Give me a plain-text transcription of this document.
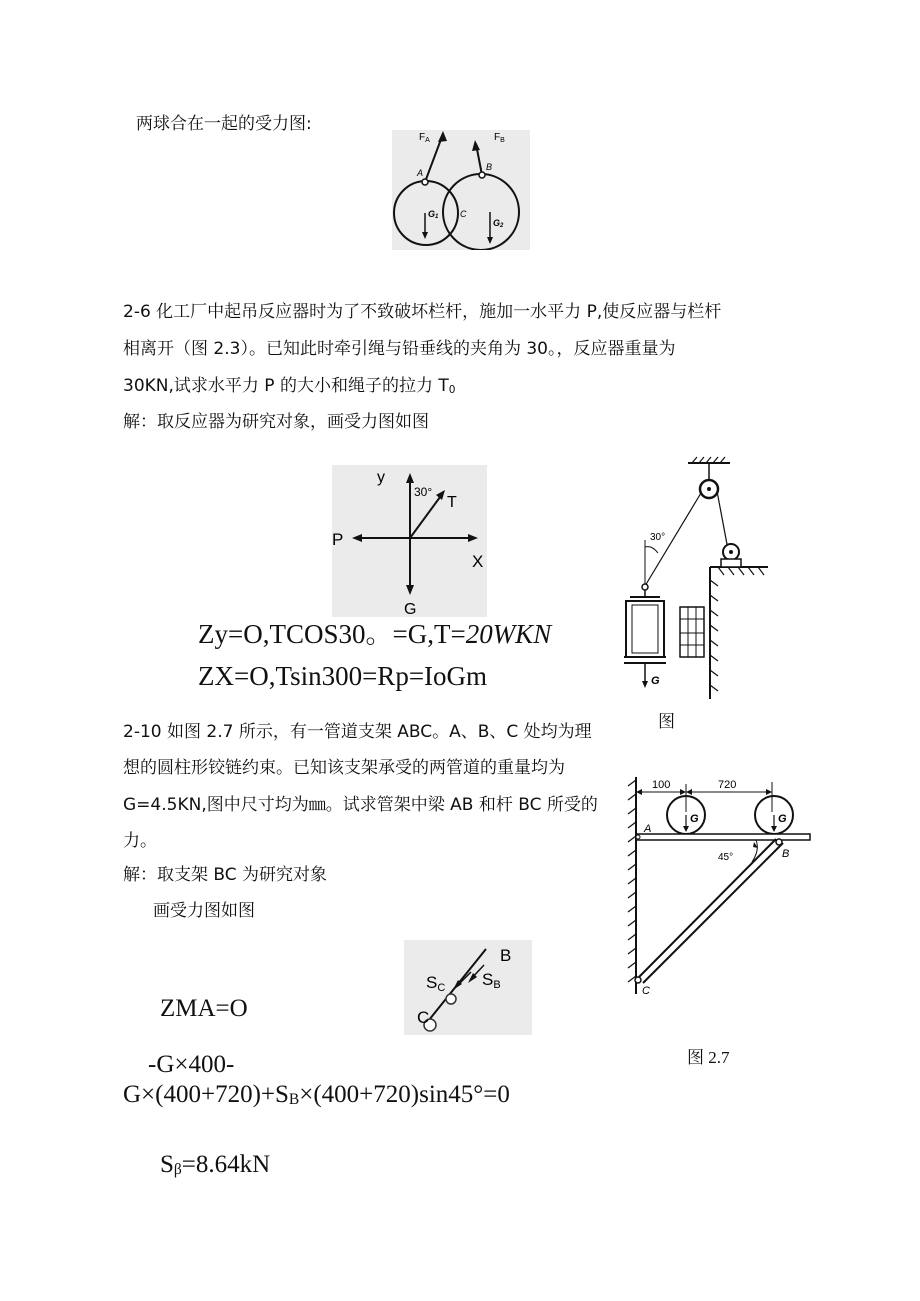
两球合在一起的受力图:
$F_A$	$F_B$
A
B
C
G1
G2
2-6 化工厂中起吊反应器时为了不致破坏栏杆，施加一水平力 P,使反应器与栏杆
相离开（图 2.3）。已知此时牵引绳与铅垂线的夹角为 30。，反应器重量为
30KN,试求水平力 P 的大小和绳子的拉力 $T_0$
解：取反应器为研究对象，画受力图如图
y
30°
T
P
X
G
Zy=O,TCOS30。=G,T=20WKN
ZX=O,Tsin300=Rp=IoGm
30°
G
图
2-10 如图 2.7 所示，有一管道支架 ABC。A、B、C 处均为理
想的圆柱形铰链约束。已知该支架承受的两管道的重量均为
G=4.5KN,图中尺寸均为㎜。试求管架中梁 AB 和杆 BC 所受的
力。
解：取支架 BC 为研究对象
画受力图如图
B
SC SB
C
ZMA=O
-G×400-
$G\times(400+720)+S_B\times(400+720)\sin 45^\circ=0$
$S_\beta=8.64kN$
100	720
G	G
A
B
C
45°
图 2.7
